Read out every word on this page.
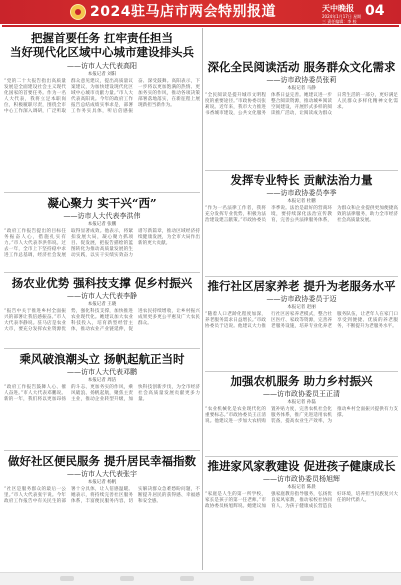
2024驻马店市两会特别报道	天中晚报 04
2024年1月17日 星期三 责任编辑：李 校
把握首要任务 扛牢责任担当
当好现代化区域中心城市建设排头兵
——访市人大代表高阳
本报记者 刘阳
“党的二十大报告指出高质量发展是全面建设社会主义现代化国家的首要任务。作为一名人大代表，我将立足本职岗位，积极履职尽责，围绕全市中心工作深入调研，广泛听取群众意见建议，提出高质量议案建议，为加快建设现代化区域中心城市贡献力量。”市人大代表高阳说。今年的政府工作报告总结成绩实事求是，部署工作务实具体，听后倍感振奋、深受鼓舞。高阳表示，下一步将以更加饱满的热情、更加务实的作风，推动各项决策部署落地落实，在新征程上展现新担当新作为。
凝心聚力 实干兴“西”
——访市人大代表李洪伟
本报记者 张鹏
“政府工作报告提出的目标任务振奋人心，措施扎实有力。”市人大代表李洪伟说。过去一年，全市上下坚持稳中求进工作总基调，经济社会发展取得显著成效。他表示，将紧扣发展大局，凝心聚力抓项目、促发展，把报告描绘的蓝图转化为推动高质量发展的生动实践，以实干实绩实效奋力谱写新篇章，推动区域经济持续健康发展，为全市大局作出新的更大贡献。
扬农业优势 强科技支撑 促乡村振兴
——访市人大代表李静
本报记者 王晓
“报告中关于推进乡村全面振兴的部署让我倍感振奋。”市人大代表李静说。驻马店是农业大市，要充分发挥农业资源优势，强化科技支撑，加快推进农业现代化。她建议加大农业科技投入，培育新型经营主体，推动农业产业链延伸，促进农民持续增收，让乡村振兴成果更多更公平惠及广大农民群众。
乘风破浪潮头立 扬帆起航正当时
——访市人大代表邓鹏
本报记者 周洁
“政府工作报告鼓舞人心、催人奋进。”市人大代表邓鹏说。新的一年，我们将以更加昂扬的斗志、更加务实的作风，乘风破浪、扬帆起航，聚焦主责主业，推动企业转型升级，加快科技创新步伐，为全市经济社会高质量发展贡献更多力量。
做好社区便民服务 提升居民幸福指数
——访市人大代表张宇
本报记者 杨帆
“社区是服务群众的最后一公里。”市人大代表张宇说。今年政府工作报告中有关民生的部署十分具体，让人倍感温暖。她表示，将持续完善社区服务体系，丰富便民服务内容，切实解决群众急难愁盼问题，不断提升居民的获得感、幸福感和安全感。
深化全民阅读活动 服务群众文化需求
——访市政协委员张莉
本报记者 马静
“全民阅读是提升城市文明程度的重要途径。”市政协委员张莉说。近年来，我市大力推进书香城市建设，公共文化服务体系日益完善。她建议进一步整合阅读资源，推动城乡阅读空间建设，开展形式多样的阅读推广活动，让阅读成为群众日常生活的一部分，更好满足人民群众多样化精神文化需求。
发挥专业特长 贡献法治力量
——访市政协委员李季
本报记者 杜鹏
“作为一名法律工作者，我将充分发挥专业优势，积极为法治建设建言献策。”市政协委员李季说。法治是最好的营商环境，要持续深化法治宣传教育，完善公共法律服务体系，为群众和企业提供更加便捷高效的法律服务，助力全市经济社会高质量发展。
推行社区居家养老 提升为老服务水平
——访市政协委员于迈
本报记者 赵丽
“随着人口老龄化程度加深，养老服务需求日益增长。”市政协委员于迈说。他建议大力推行社区居家养老模式，整合社区医疗、家政等资源，完善养老服务设施，培养专业化养老服务队伍，让老年人在家门口享受到便捷、优质的养老服务，不断提升为老服务水平。
加强农机服务 助力乡村振兴
——访市政协委员王正清
本报记者 孙磊
“农业机械化是农业现代化的重要标志。”市政协委员王正清说。他建议进一步加大农机购置补贴力度，完善农机社会化服务体系，推广先进适用农机装备，提高农业生产效率，为推动乡村全面振兴提供有力支撑。
推进家风家教建设 促进孩子健康成长
——访市政协委员杨旭辉
本报记者 陈晨
“家庭是人生的第一所学校，家长是孩子的第一任老师。”市政协委员杨旭辉说。她建议加强家庭教育指导服务，弘扬优良家风家教，推动家校社协同育人，为孩子健康成长营造良好环境，培养担当民族复兴大任的时代新人。
